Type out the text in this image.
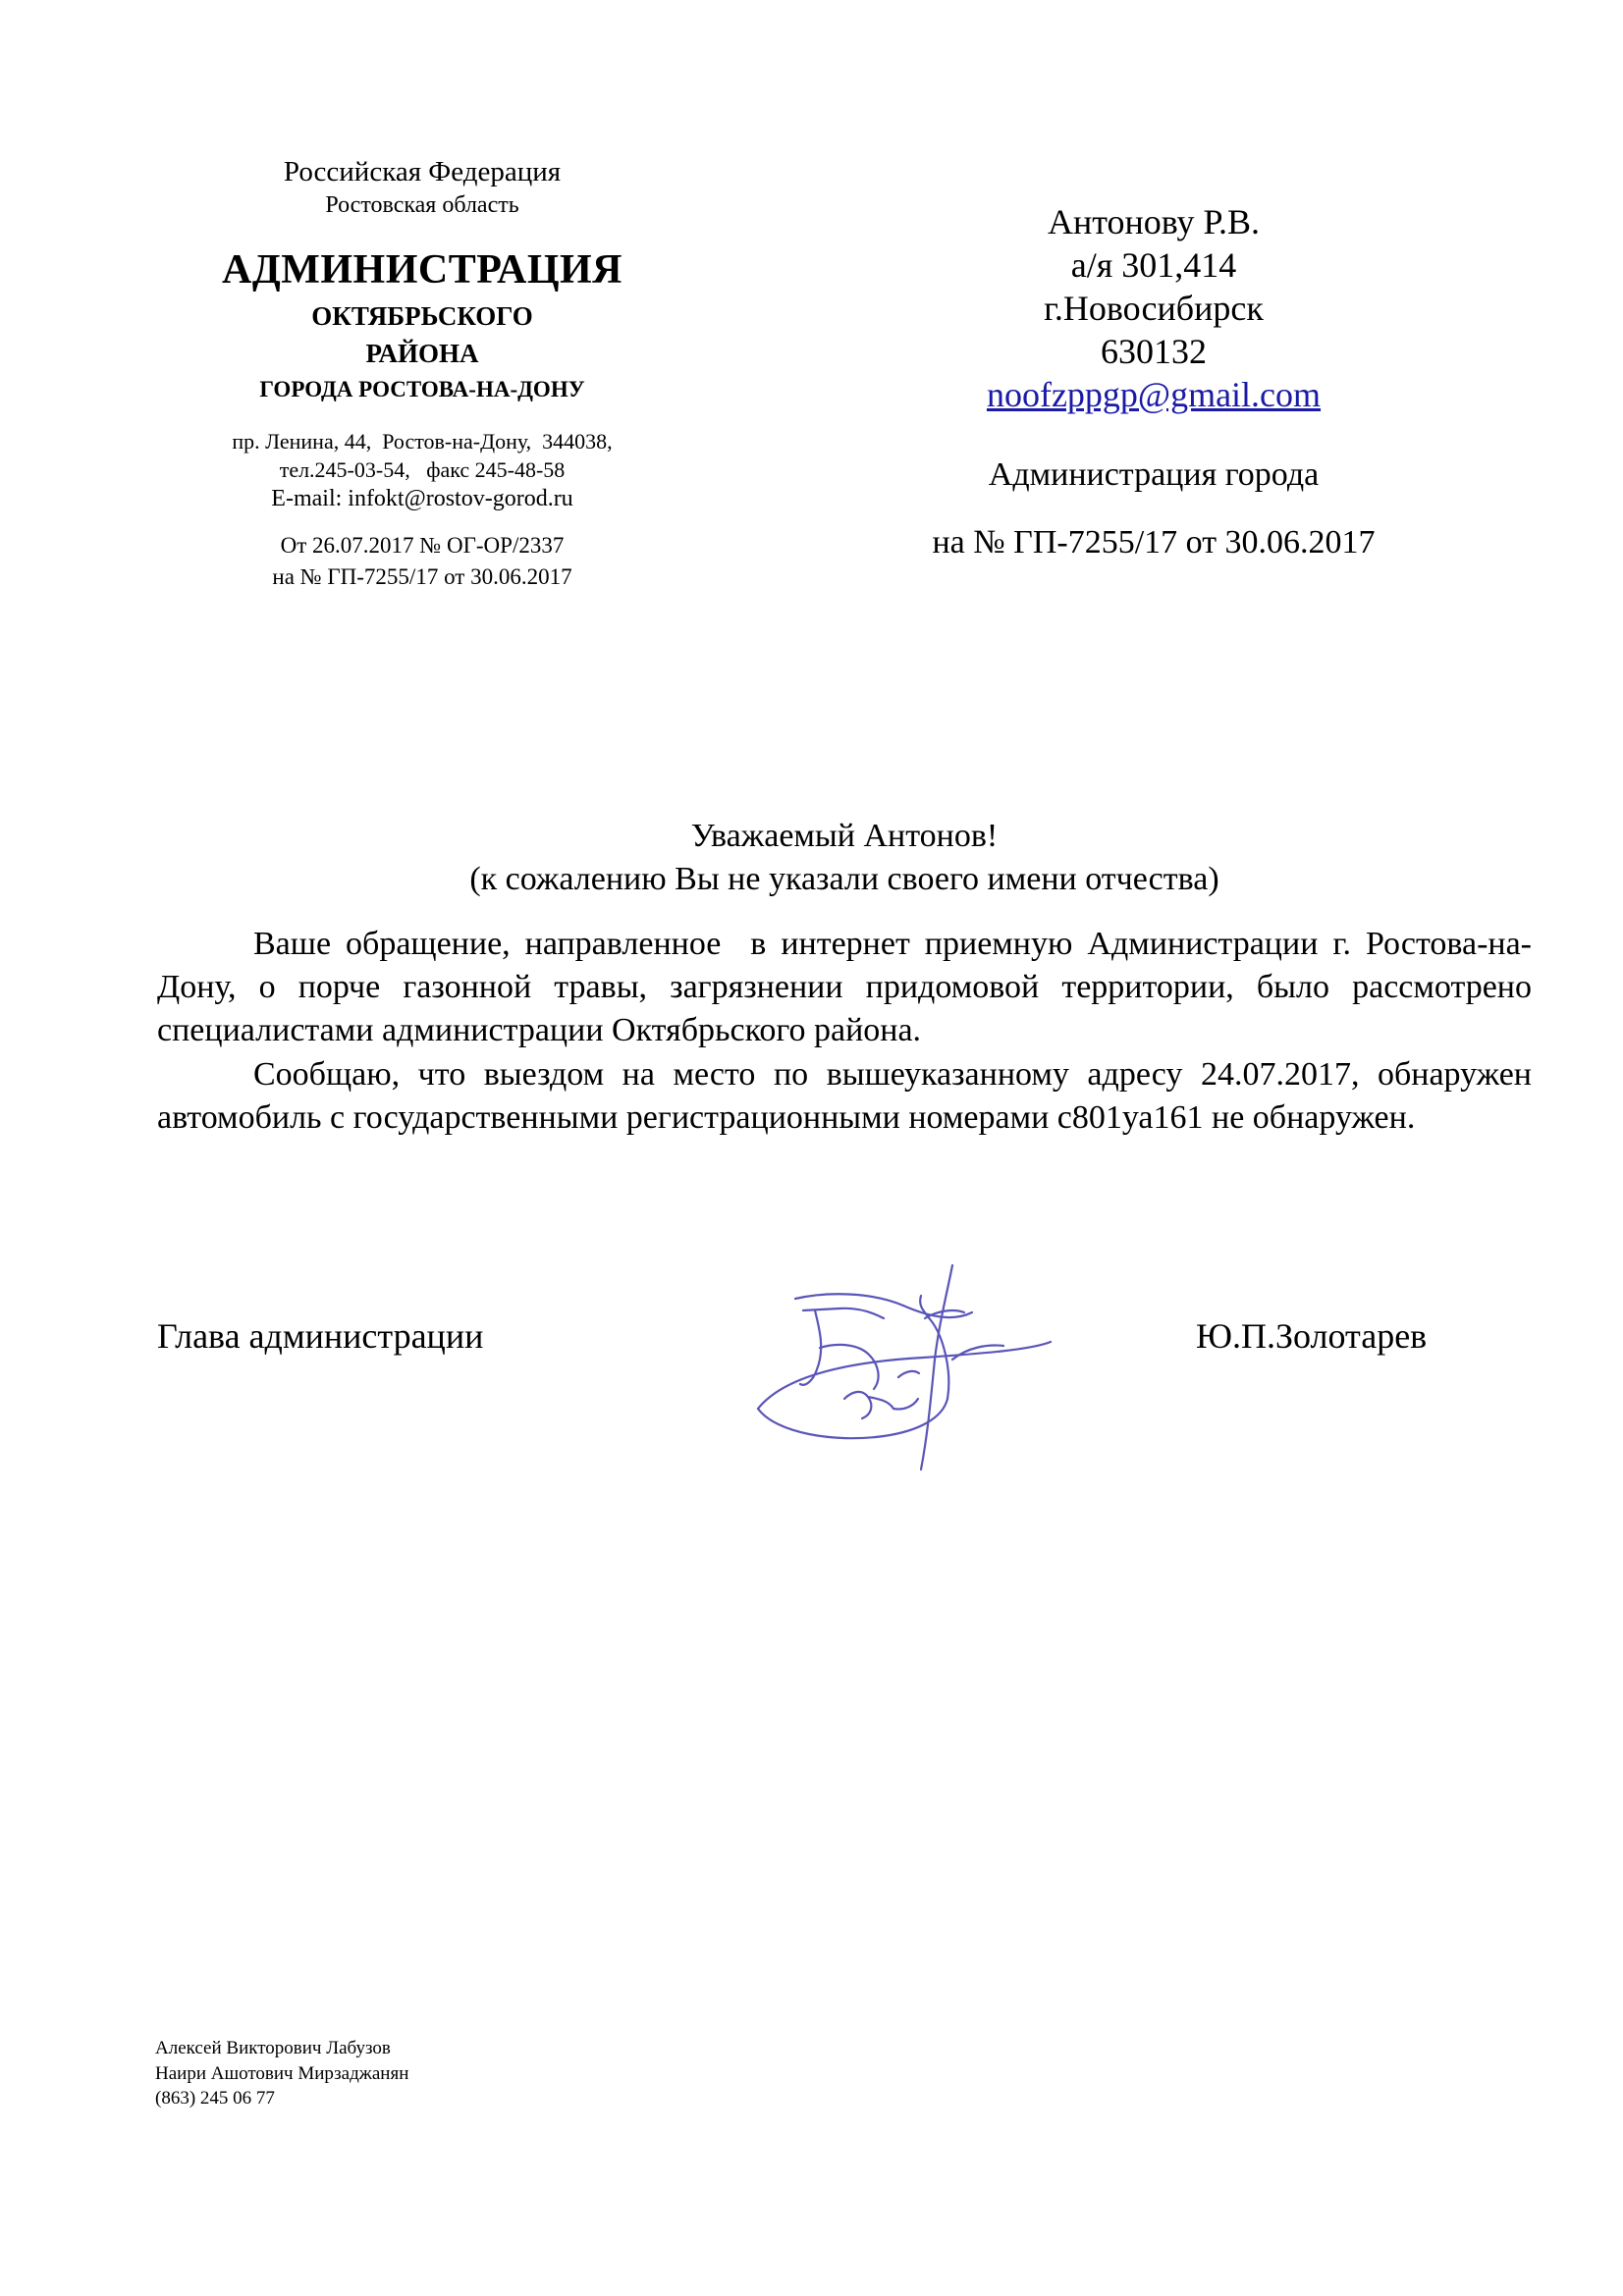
Российская Федерация
Ростовская область
АДМИНИСТРАЦИЯ
ОКТЯБРЬСКОГО
РАЙОНА
ГОРОДА РОСТОВА-НА-ДОНУ
пр. Ленина, 44,  Ростов-на-Дону,  344038,
тел.245-03-54,   факс 245-48-58
E-mail: infokt@rostov-gorod.ru
От 26.07.2017 № ОГ-ОР/2337
на № ГП-7255/17 от 30.06.2017
Антонову Р.В.
а/я 301,414
г.Новосибирск
630132
noofzppgp@gmail.com
Администрация города
на № ГП-7255/17 от 30.06.2017
Уважаемый Антонов!
(к сожалению Вы не указали своего имени отчества)

Ваше обращение, направленное  в интернет приемную Администрации г. Ростова-на-Дону, о порче газонной травы, загрязнении придомовой территории, было рассмотрено специалистами администрации Октябрьского района.

Сообщаю, что выездом на место по вышеуказанному адресу 24.07.2017, обнаружен автомобиль с государственными регистрационными номерами с801уа161 не обнаружен.

Глава администрации	Ю.П.Золотарев
Алексей Викторович Лабузов
Наири Ашотович Мирзаджанян
(863) 245 06 77
